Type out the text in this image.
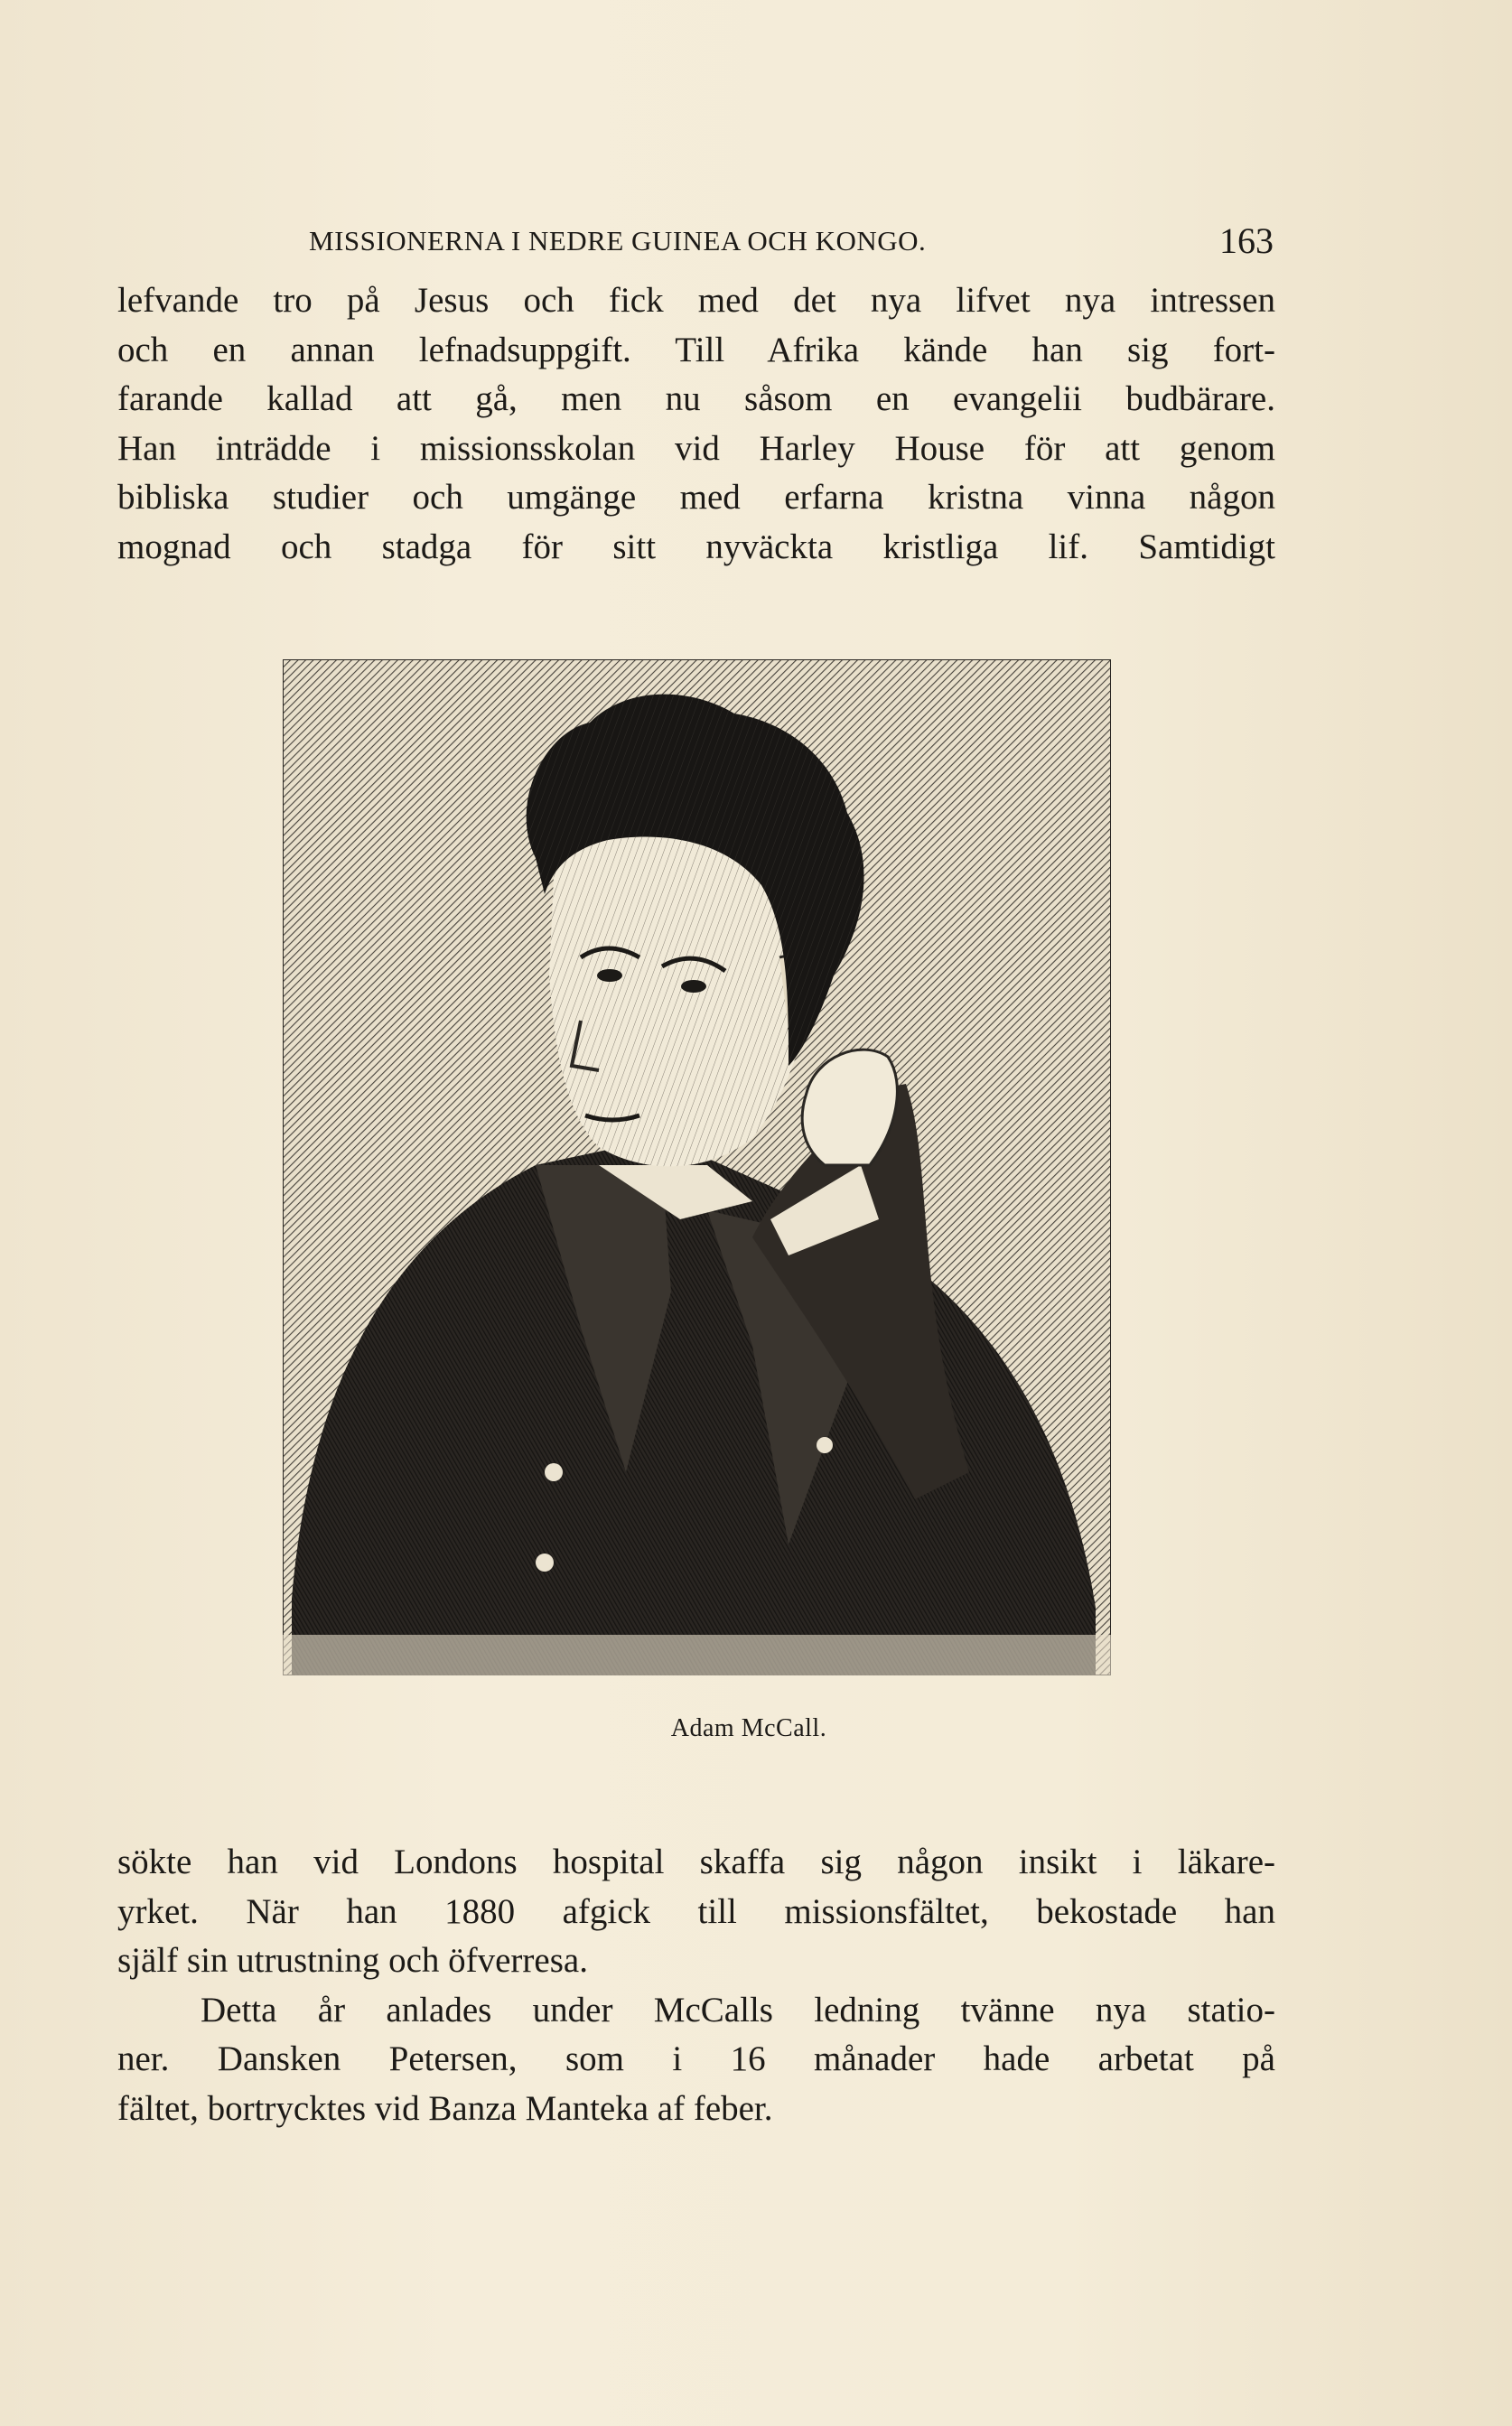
MISSIONERNA I NEDRE GUINEA OCH KONGO.	163
lefvande tro på Jesus och fick med det nya lifvet nya intressen
och en annan lefnadsuppgift. Till Afrika kände han sig fort-
farande kallad att gå, men nu såsom en evangelii budbärare.
Han inträdde i missionsskolan vid Harley House för att genom
bibliska studier och umgänge med erfarna kristna vinna någon
mognad och stadga för sitt nyväckta kristliga lif. Samtidigt
Adam McCall.
sökte han vid Londons hospital skaffa sig någon insikt i läkare-
yrket. När han 1880 afgick till missionsfältet, bekostade han
själf sin utrustning och öfverresa.
Detta år anlades under McCalls ledning tvänne nya statio-
ner. Dansken Petersen, som i 16 månader hade arbetat på
fältet, bortrycktes vid Banza Manteka af feber.
